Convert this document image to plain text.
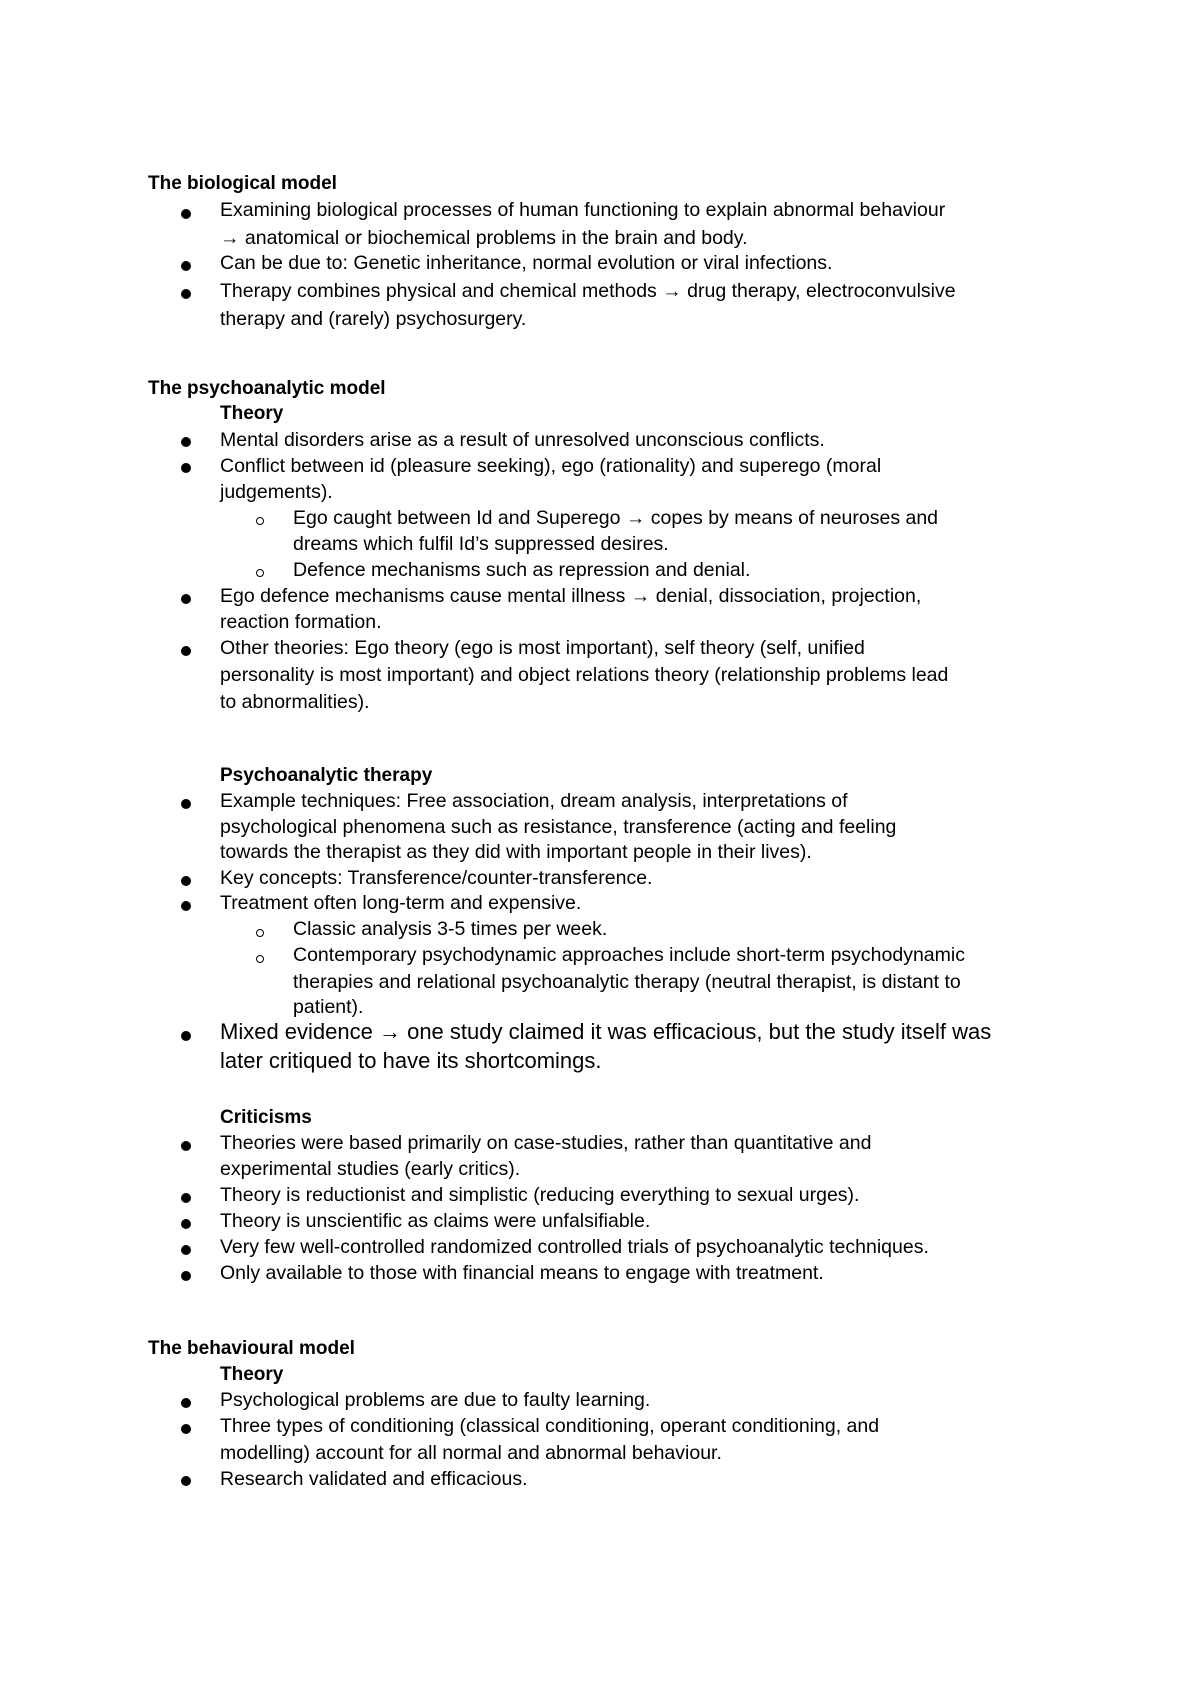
The biological model
Examining biological processes of human functioning to explain abnormal behaviour
→ anatomical or biochemical problems in the brain and body.
Can be due to: Genetic inheritance, normal evolution or viral infections.
Therapy combines physical and chemical methods → drug therapy, electroconvulsive
therapy and (rarely) psychosurgery.
The psychoanalytic model
Theory
Mental disorders arise as a result of unresolved unconscious conflicts.
Conflict between id (pleasure seeking), ego (rationality) and superego (moral
judgements).
Ego caught between Id and Superego → copes by means of neuroses and
dreams which fulfil Id’s suppressed desires.
Defence mechanisms such as repression and denial.
Ego defence mechanisms cause mental illness → denial, dissociation, projection,
reaction formation.
Other theories: Ego theory (ego is most important), self theory (self, unified
personality is most important) and object relations theory (relationship problems lead
to abnormalities).
Psychoanalytic therapy
Example techniques: Free association, dream analysis, interpretations of
psychological phenomena such as resistance, transference (acting and feeling
towards the therapist as they did with important people in their lives).
Key concepts: Transference/counter-transference.
Treatment often long-term and expensive.
Classic analysis 3-5 times per week.
Contemporary psychodynamic approaches include short-term psychodynamic
therapies and relational psychoanalytic therapy (neutral therapist, is distant to
patient).
Mixed evidence → one study claimed it was efficacious, but the study itself was
later critiqued to have its shortcomings.
Criticisms
Theories were based primarily on case-studies, rather than quantitative and
experimental studies (early critics).
Theory is reductionist and simplistic (reducing everything to sexual urges).
Theory is unscientific as claims were unfalsifiable.
Very few well-controlled randomized controlled trials of psychoanalytic techniques.
Only available to those with financial means to engage with treatment.
The behavioural model
Theory
Psychological problems are due to faulty learning.
Three types of conditioning (classical conditioning, operant conditioning, and
modelling) account for all normal and abnormal behaviour.
Research validated and efficacious.
